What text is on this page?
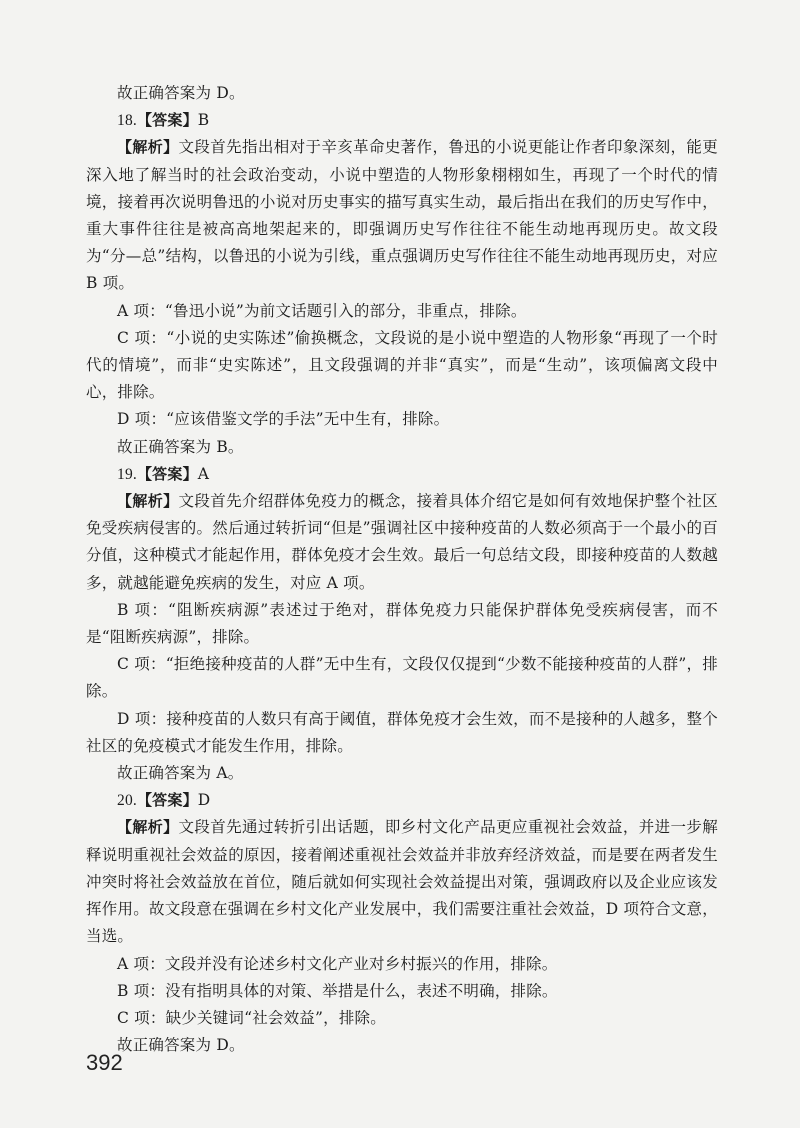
故正确答案为 D。

18.【答案】B

【解析】文段首先指出相对于辛亥革命史著作，鲁迅的小说更能让作者印象深刻，能更深入地了解当时的社会政治变动，小说中塑造的人物形象栩栩如生，再现了一个时代的情境，接着再次说明鲁迅的小说对历史事实的描写真实生动，最后指出在我们的历史写作中，重大事件往往是被高高地架起来的，即强调历史写作往往不能生动地再现历史。故文段为“分—总”结构，以鲁迅的小说为引线，重点强调历史写作往往不能生动地再现历史，对应 B 项。

A 项：“鲁迅小说”为前文话题引入的部分，非重点，排除。

C 项：“小说的史实陈述”偷换概念，文段说的是小说中塑造的人物形象“再现了一个时代的情境”，而非“史实陈述”，且文段强调的并非“真实”，而是“生动”，该项偏离文段中心，排除。

D 项：“应该借鉴文学的手法”无中生有，排除。

故正确答案为 B。

19.【答案】A

【解析】文段首先介绍群体免疫力的概念，接着具体介绍它是如何有效地保护整个社区免受疾病侵害的。然后通过转折词“但是”强调社区中接种疫苗的人数必须高于一个最小的百分值，这种模式才能起作用，群体免疫才会生效。最后一句总结文段，即接种疫苗的人数越多，就越能避免疾病的发生，对应 A 项。

B 项：“阻断疾病源”表述过于绝对，群体免疫力只能保护群体免受疾病侵害，而不是“阻断疾病源”，排除。

C 项：“拒绝接种疫苗的人群”无中生有，文段仅仅提到“少数不能接种疫苗的人群”，排除。

D 项：接种疫苗的人数只有高于阈值，群体免疫才会生效，而不是接种的人越多，整个社区的免疫模式才能发生作用，排除。

故正确答案为 A。

20.【答案】D

【解析】文段首先通过转折引出话题，即乡村文化产品更应重视社会效益，并进一步解释说明重视社会效益的原因，接着阐述重视社会效益并非放弃经济效益，而是要在两者发生冲突时将社会效益放在首位，随后就如何实现社会效益提出对策，强调政府以及企业应该发挥作用。故文段意在强调在乡村文化产业发展中，我们需要注重社会效益，D 项符合文意，当选。

A 项：文段并没有论述乡村文化产业对乡村振兴的作用，排除。

B 项：没有指明具体的对策、举措是什么，表述不明确，排除。

C 项：缺少关键词“社会效益”，排除。

故正确答案为 D。

392
